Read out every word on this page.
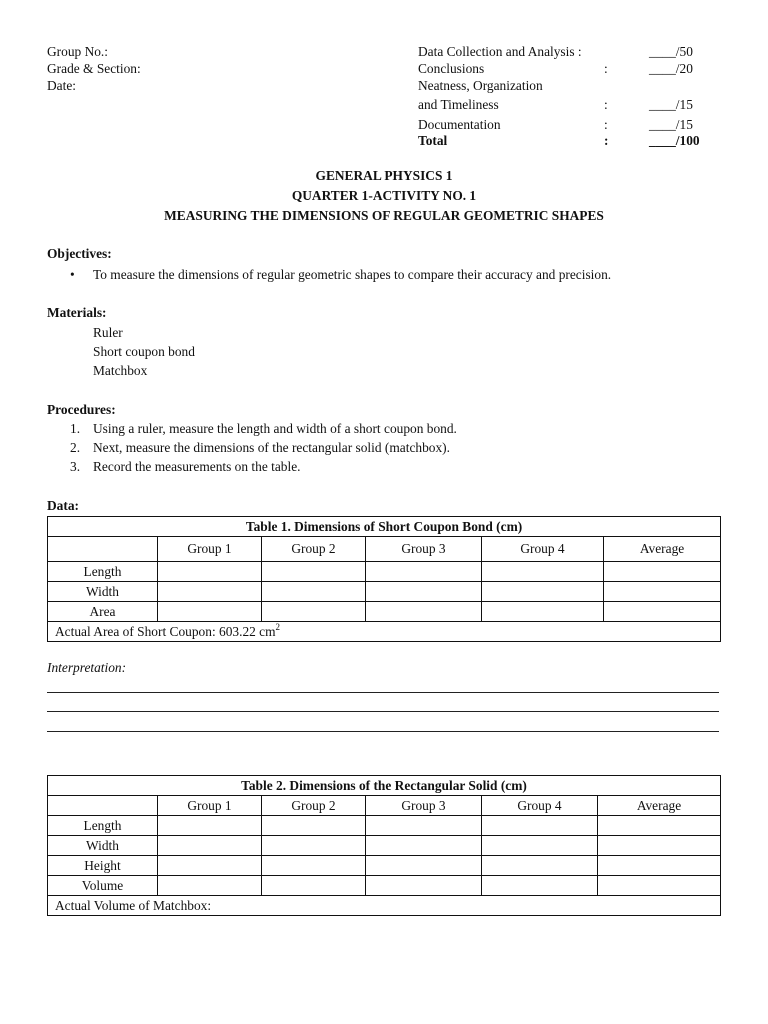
Group No.:
Grade & Section:
Date:
Data Collection and Analysis :	____/50
Conclusions	:	____/20
Neatness, Organization
and Timeliness	:	____/15
Documentation	:	____/15
Total	:	____/100
GENERAL PHYSICS 1
QUARTER 1-ACTIVITY NO. 1
MEASURING THE DIMENSIONS OF REGULAR GEOMETRIC SHAPES
Objectives:
• To measure the dimensions of regular geometric shapes to compare their accuracy and precision.
Materials:
Ruler
Short coupon bond
Matchbox
Procedures:
1. Using a ruler, measure the length and width of a short coupon bond.
2. Next, measure the dimensions of the rectangular solid (matchbox).
3. Record the measurements on the table.
Data:
Table 1. Dimensions of Short Coupon Bond (cm)					
	Group 1	Group 2	Group 3	Group 4	Average
Length					
Width					
Area					
Actual Area of Short Coupon: 603.22 $cm^2$
Interpretation:
Table 2. Dimensions of the Rectangular Solid (cm)					
	Group 1	Group 2	Group 3	Group 4	Average
Length					
Width					
Height					
Volume					
Actual Volume of Matchbox:					
